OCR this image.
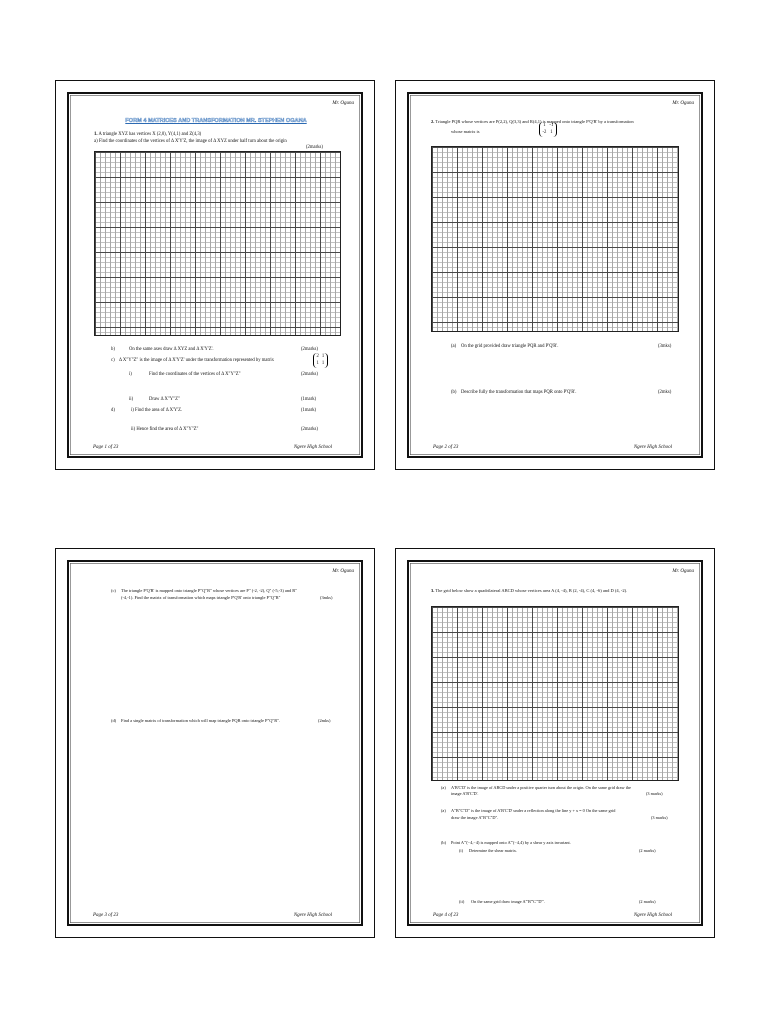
Mr. Oguna
FORM 4 MATRICES AND TRANSFORMATION MR. STEPHEN OGANA
1. A triangle XYZ has vertices X (2,0), Y(4,1) and Z(4,3)
a) Find the coordinates of the vertices of Δ X'Y'Z, the image of Δ XYZ under half turn about the origin
(2marks)
b)	On the same axes draw Δ XYZ and Δ X'Y'Z'.	(2marks)
c) Δ X"Y"Z" is the image of Δ X'Y'Z' under the transformation represented by matrix
2 1
1 1
i)	Find the coordinates of the vertices of Δ X"Y"Z"	(2marks)
ii)	Draw Δ X"Y"Z"	(1mark)
d)	i) Find the area of Δ X'Y'Z.	(1mark)
ii) Hence find the area of Δ X"Y"Z"	(2marks)
Page 1 of 23	Ngere High School
Mr. Oguna
2. Triangle PQR whose vertices are P(2,2), Q(3,3) and R(4,1) is mapped onto triangle P'Q'R' by a transformation
whose matrix is
1 -1
-2 1
(a) On the grid provided draw triangle PQR and P'Q'R'.	(3mks)
(b) Describe fully the transformation that maps PQR onto P'Q'R'.	(2mks)
Page 2 of 23	Ngere High School
Mr. Oguna
(c) The triangle P'Q'R' is mapped onto triangle P"Q"R" whose vertices are P" (-2, -2), Q" (-5,-3) and R"
(-4,-1). Find the matrix of transformation which maps triangle P'Q'R' onto triangle P"Q"R"	(3mks)
(d) Find a single matrix of transformation which will map triangle PQR onto triangle P"Q"R".	(2mks)
Page 3 of 23	Ngere High School
Mr. Oguna
3. The grid below show a quadrilateral ABCD whose vertices area A (4, -4), B (2, -4), C (4, -6) and D (4, -2).
(a) A'B'C'D' is the image of ABCD under a positive quarter turn about the origin. On the same grid draw the
image A'B'C'D'.	(3 marks)
(a) A"B"C"D" is the image of A'B'C'D' under a reflection along the line y + x = 0 On the same grid
draw the image A"B"C"D".	(3 marks)
(b) Point A'''(−4,−4) is mapped onto A'''(−4,4) by a shear y axis invariant.
(i) Determine the shear matrix.	(2 marks)
(ii) On the same grid draw image A'''B'''C'''D'''.	(2 marks)
Page 4 of 23	Ngere High School
